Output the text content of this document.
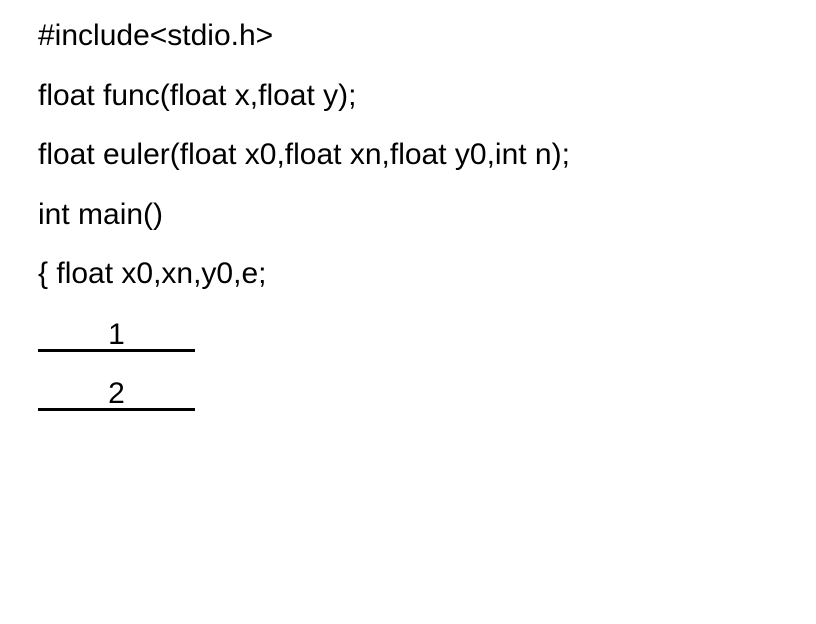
#include<stdio.h>
float func(float x,float y);
float euler(float x0,float xn,float y0,int n);
int main()
{ float x0,xn,y0,e;
1
2
